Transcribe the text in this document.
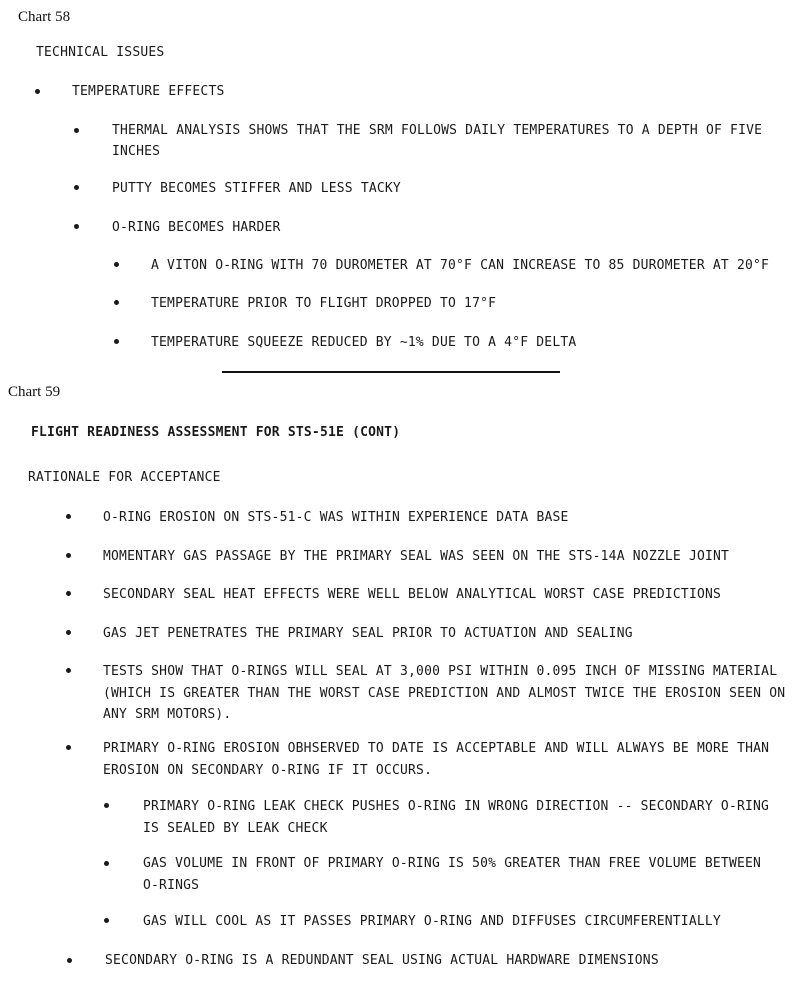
Chart 58
TECHNICAL ISSUES
TEMPERATURE EFFECTS
THERMAL ANALYSIS SHOWS THAT THE SRM FOLLOWS DAILY TEMPERATURES TO A DEPTH OF FIVE
INCHES
PUTTY BECOMES STIFFER AND LESS TACKY
O-RING BECOMES HARDER
A VITON O-RING WITH 70 DUROMETER AT 70°F CAN INCREASE TO 85 DUROMETER AT 20°F
TEMPERATURE PRIOR TO FLIGHT DROPPED TO 17°F
TEMPERATURE SQUEEZE REDUCED BY ~1% DUE TO A 4°F DELTA
Chart 59
FLIGHT READINESS ASSESSMENT FOR STS-51E (CONT)
RATIONALE FOR ACCEPTANCE
O-RING EROSION ON STS-51-C WAS WITHIN EXPERIENCE DATA BASE
MOMENTARY GAS PASSAGE BY THE PRIMARY SEAL WAS SEEN ON THE STS-14A NOZZLE JOINT
SECONDARY SEAL HEAT EFFECTS WERE WELL BELOW ANALYTICAL WORST CASE PREDICTIONS
GAS JET PENETRATES THE PRIMARY SEAL PRIOR TO ACTUATION AND SEALING
TESTS SHOW THAT O-RINGS WILL SEAL AT 3,000 PSI WITHIN 0.095 INCH OF MISSING MATERIAL
(WHICH IS GREATER THAN THE WORST CASE PREDICTION AND ALMOST TWICE THE EROSION SEEN ON
ANY SRM MOTORS).
PRIMARY O-RING EROSION OBHSERVED TO DATE IS ACCEPTABLE AND WILL ALWAYS BE MORE THAN
EROSION ON SECONDARY O-RING IF IT OCCURS.
PRIMARY O-RING LEAK CHECK PUSHES O-RING IN WRONG DIRECTION -- SECONDARY O-RING
IS SEALED BY LEAK CHECK
GAS VOLUME IN FRONT OF PRIMARY O-RING IS 50% GREATER THAN FREE VOLUME BETWEEN
O-RINGS
GAS WILL COOL AS IT PASSES PRIMARY O-RING AND DIFFUSES CIRCUMFERENTIALLY
SECONDARY O-RING IS A REDUNDANT SEAL USING ACTUAL HARDWARE DIMENSIONS
